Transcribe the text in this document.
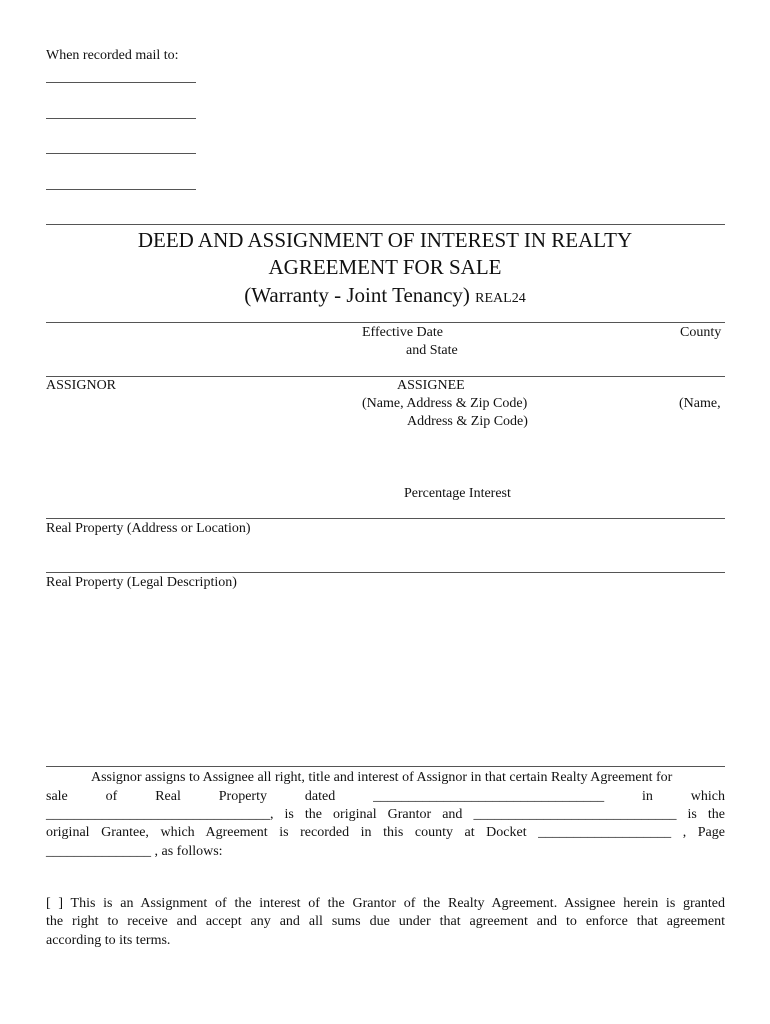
When recorded mail to:
DEED AND ASSIGNMENT OF INTEREST IN REALTY
AGREEMENT FOR SALE
(Warranty - Joint Tenancy) REAL24
Effective Date	County
and State
ASSIGNOR	ASSIGNEE
(Name, Address & Zip Code)	(Name,
Address & Zip Code)
Percentage Interest
Real Property (Address or Location)
Real Property (Legal Description)
Assignor assigns to Assignee all right, title and interest of Assignor in that certain Realty Agreement for
sale of Real Property dated _________________________________ in which
________________________________, is the original Grantor and _____________________________ is the
original Grantee, which Agreement is recorded in this county at Docket ___________________ , Page
_______________ , as follows:
[ ] This is an Assignment of the interest of the Grantor of the Realty Agreement. Assignee herein is granted
the right to receive and accept any and all sums due under that agreement and to enforce that agreement
according to its terms.
